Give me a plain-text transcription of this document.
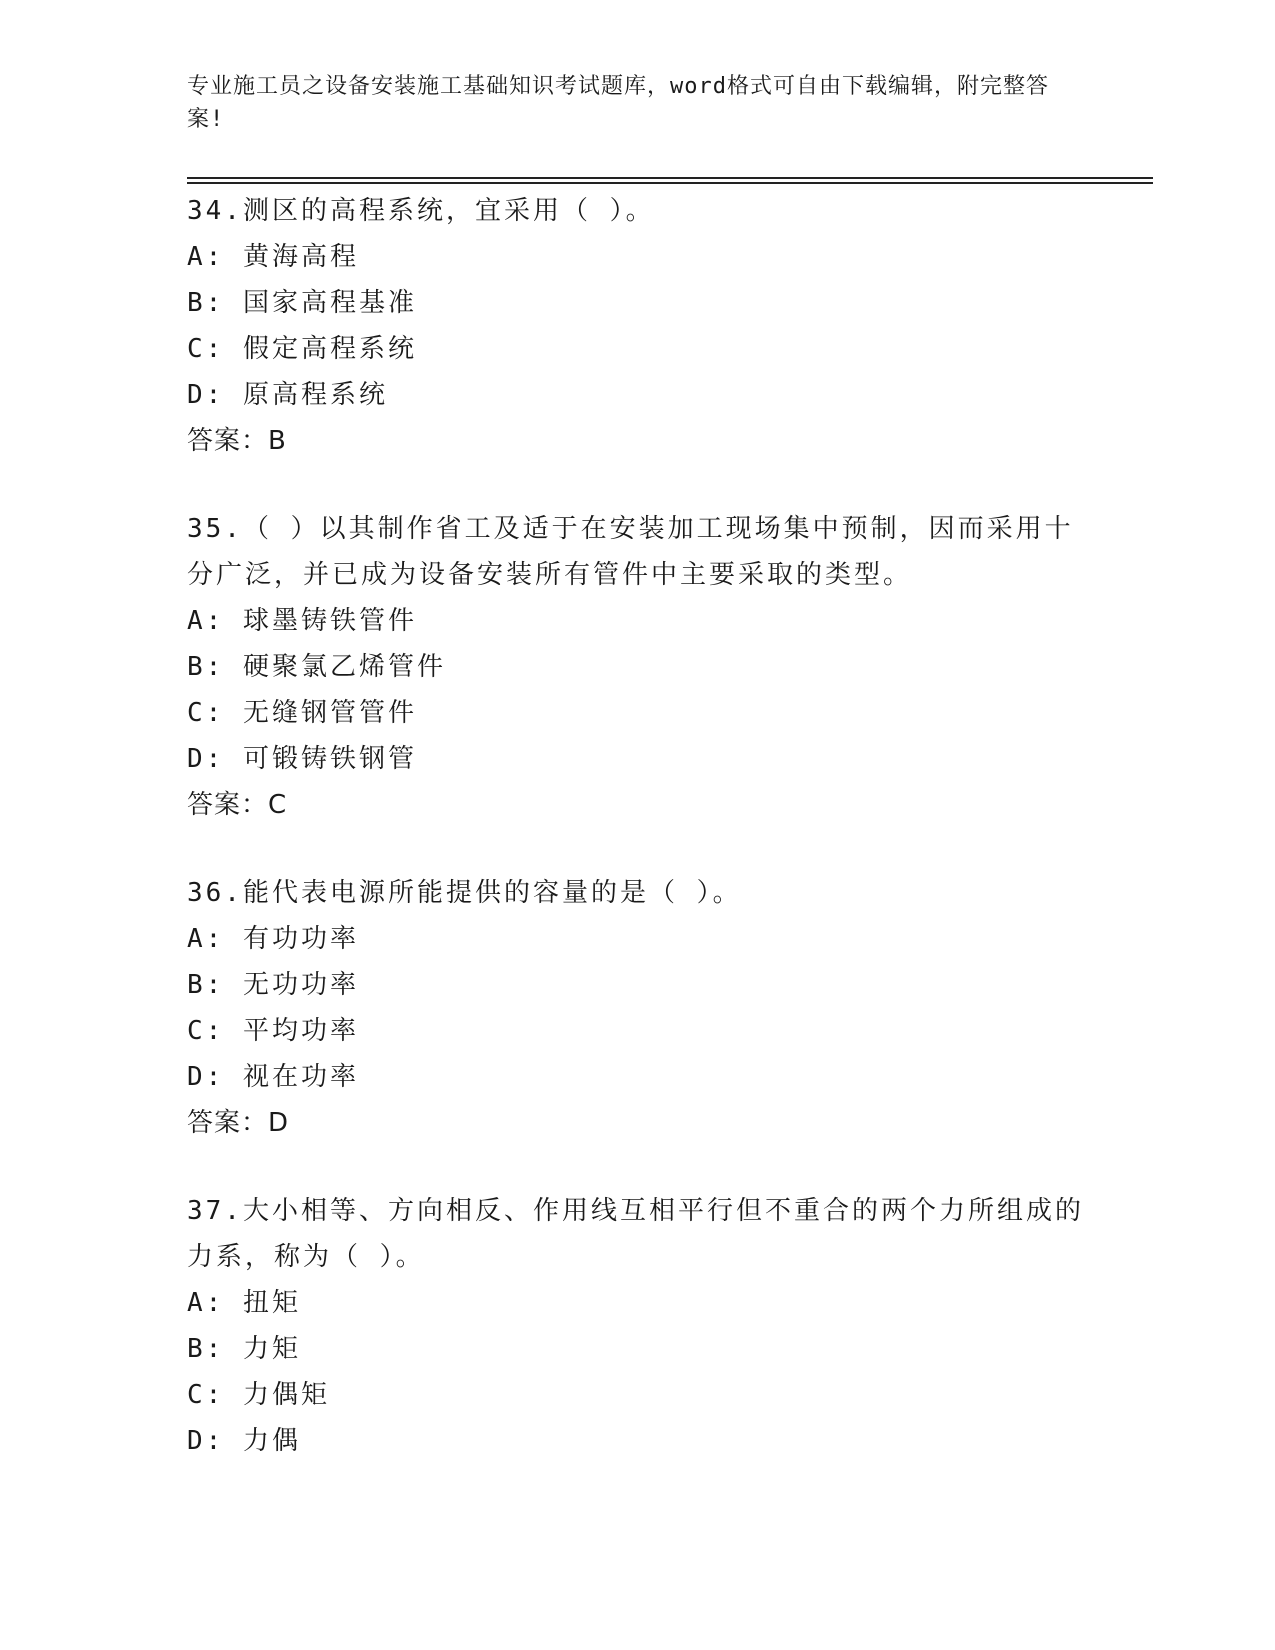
专业施工员之设备安装施工基础知识考试题库，word格式可自由下载编辑，附完整答案!

34.测区的高程系统，宜采用（ ）。

A: 黄海高程

B: 国家高程基准

C: 假定高程系统

D: 原高程系统

答案：B

35.（ ）以其制作省工及适于在安装加工现场集中预制，因而采用十分广泛，并已成为设备安装所有管件中主要采取的类型。

A: 球墨铸铁管件

B: 硬聚氯乙烯管件

C: 无缝钢管管件

D: 可锻铸铁钢管

答案：C

36.能代表电源所能提供的容量的是（ ）。

A: 有功功率

B: 无功功率

C: 平均功率

D: 视在功率

答案：D

37.大小相等、方向相反、作用线互相平行但不重合的两个力所组成的力系，称为（ ）。

A: 扭矩

B: 力矩

C: 力偶矩

D: 力偶
